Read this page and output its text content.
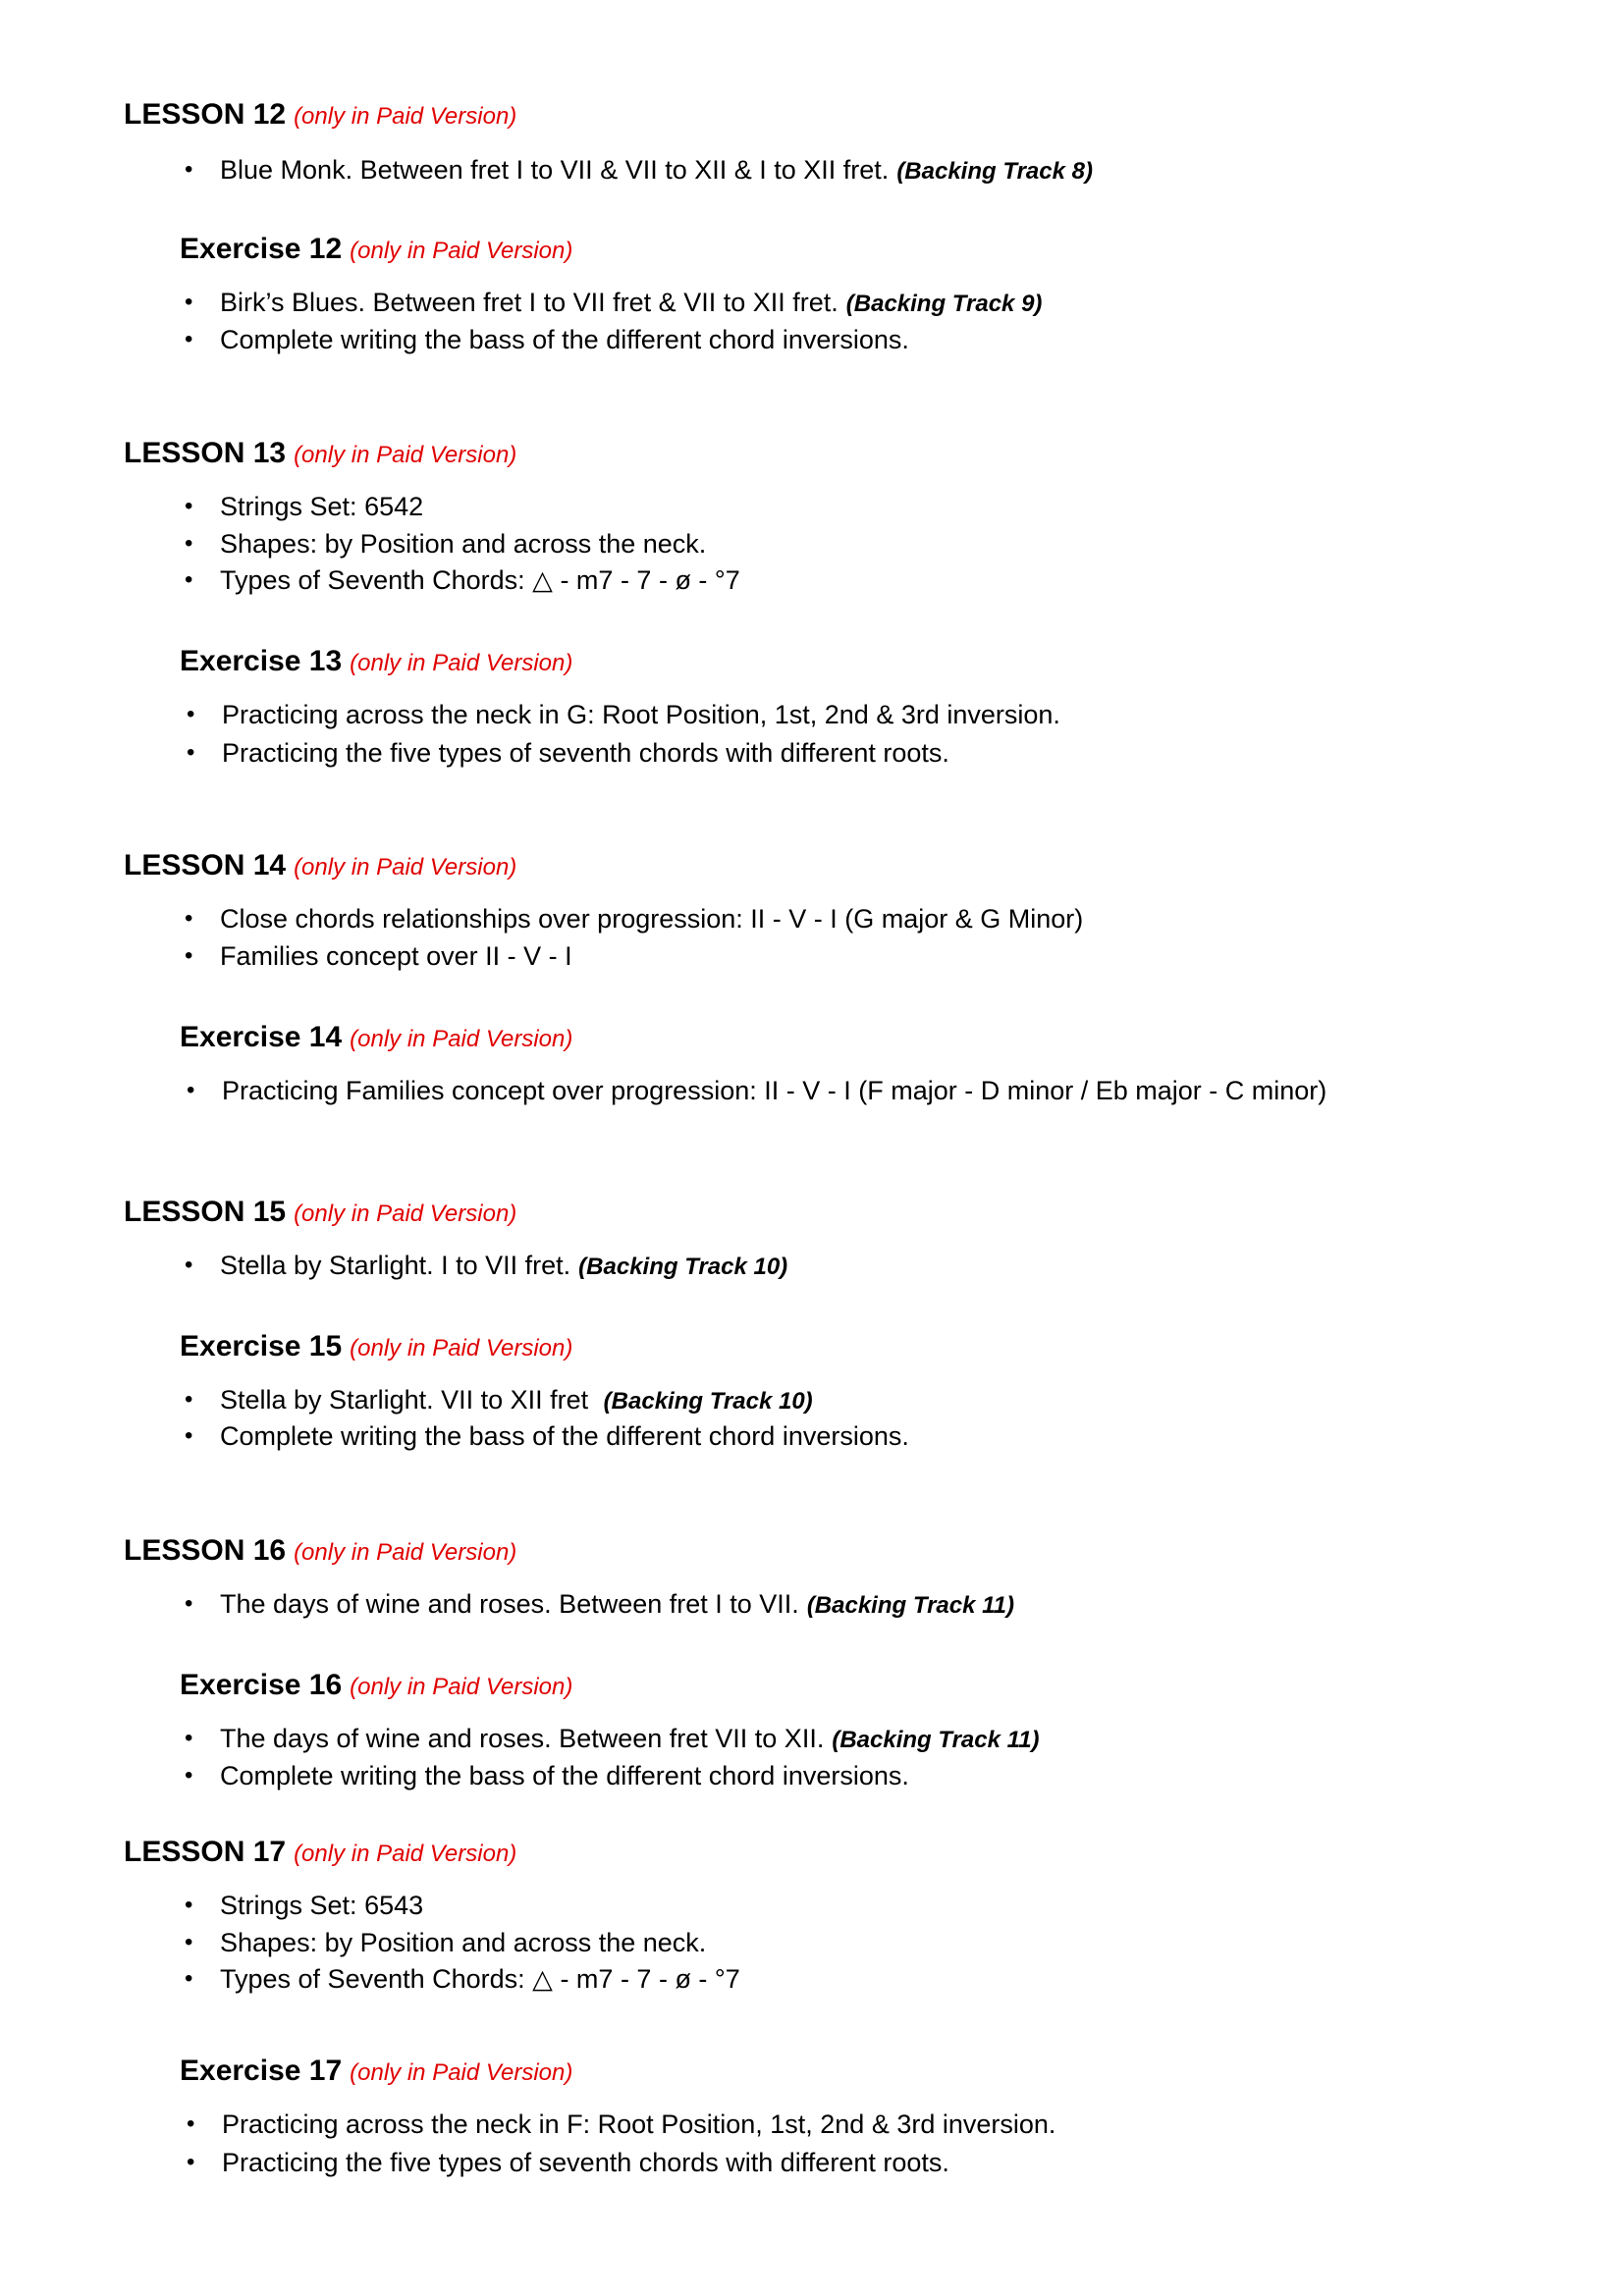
LESSON 12 (only in Paid Version)
• Blue Monk. Between fret I to VII & VII to XII & I to XII fret. (Backing Track 8)
Exercise 12 (only in Paid Version)
• Birk’s Blues. Between fret I to VII fret & VII to XII fret. (Backing Track 9)
• Complete writing the bass of the different chord inversions.
LESSON 13 (only in Paid Version)
• Strings Set: 6542
• Shapes: by Position and across the neck.
• Types of Seventh Chords: △ - m7 - 7 - ø - °7
Exercise 13 (only in Paid Version)
• Practicing across the neck in G: Root Position, 1st, 2nd & 3rd inversion.
• Practicing the five types of seventh chords with different roots.
LESSON 14 (only in Paid Version)
• Close chords relationships over progression: II - V - I (G major & G Minor)
• Families concept over II - V - I
Exercise 14 (only in Paid Version)
• Practicing Families concept over progression: II - V - I (F major - D minor / Eb major - C minor)
LESSON 15 (only in Paid Version)
• Stella by Starlight. I to VII fret. (Backing Track 10)
Exercise 15 (only in Paid Version)
• Stella by Starlight. VII to XII fret (Backing Track 10)
• Complete writing the bass of the different chord inversions.
LESSON 16 (only in Paid Version)
• The days of wine and roses. Between fret I to VII. (Backing Track 11)
Exercise 16 (only in Paid Version)
• The days of wine and roses. Between fret VII to XII. (Backing Track 11)
• Complete writing the bass of the different chord inversions.
LESSON 17 (only in Paid Version)
• Strings Set: 6543
• Shapes: by Position and across the neck.
• Types of Seventh Chords: △ - m7 - 7 - ø - °7
Exercise 17 (only in Paid Version)
• Practicing across the neck in F: Root Position, 1st, 2nd & 3rd inversion.
• Practicing the five types of seventh chords with different roots.
